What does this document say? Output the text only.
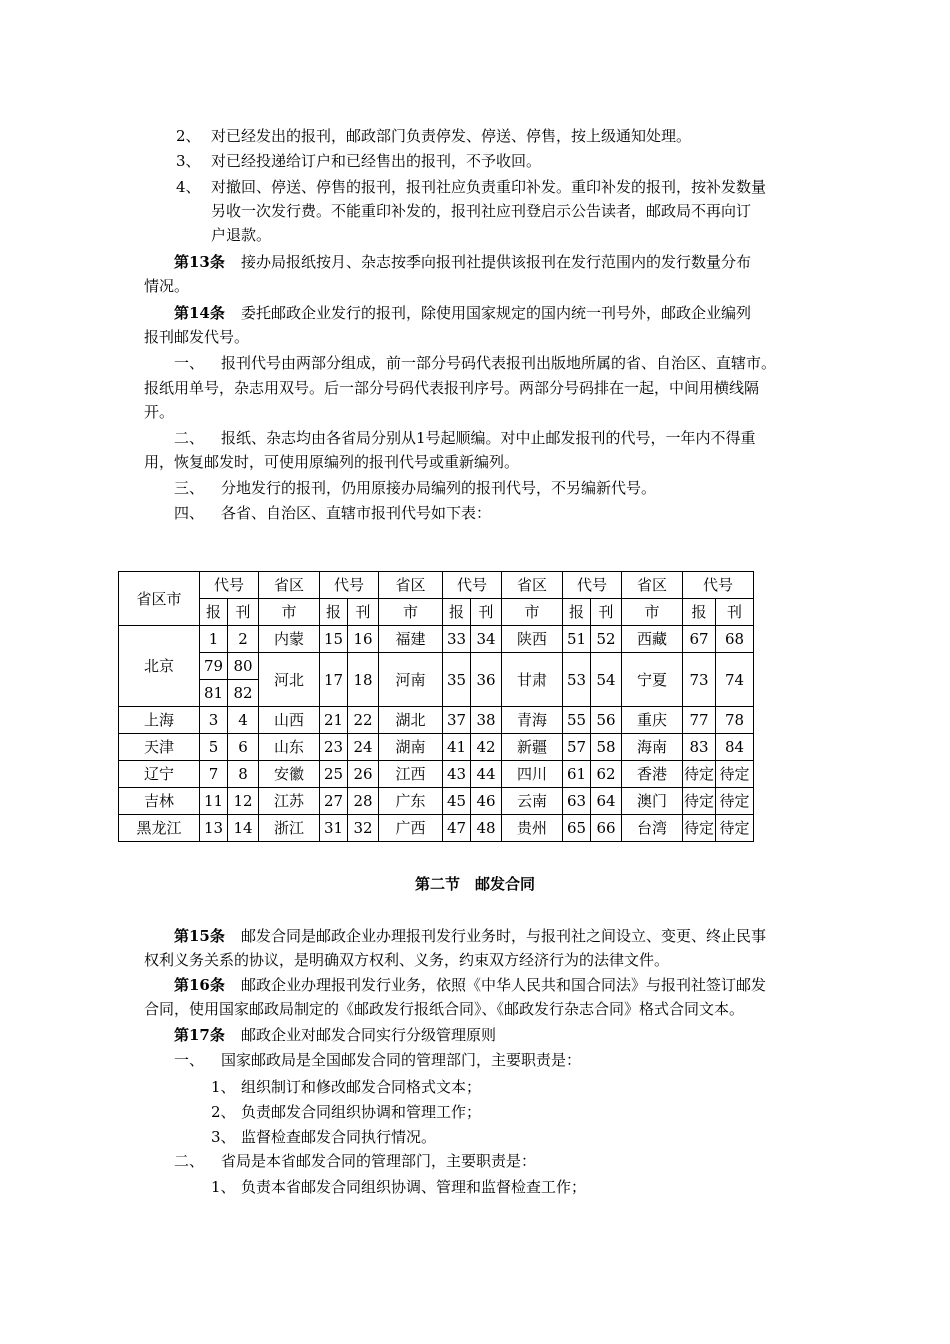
2、 对已经发出的报刊，邮政部门负责停发、停送、停售，按上级通知处理。
3、 对已经投递给订户和已经售出的报刊，不予收回。
4、 对撤回、停送、停售的报刊，报刊社应负责重印补发。重印补发的报刊，按补发数量
另收一次发行费。不能重印补发的，报刊社应刊登启示公告读者，邮政局不再向订
户退款。
第13条 接办局报纸按月、杂志按季向报刊社提供该报刊在发行范围内的发行数量分布
情况。
第14条 委托邮政企业发行的报刊，除使用国家规定的国内统一刊号外，邮政企业编列
报刊邮发代号。
一、 报刊代号由两部分组成，前一部分号码代表报刊出版地所属的省、自治区、直辖市。
报纸用单号，杂志用双号。后一部分号码代表报刊序号。两部分号码排在一起，中间用横线隔
开。
二、 报纸、杂志均由各省局分别从1号起顺编。对中止邮发报刊的代号，一年内不得重
用，恢复邮发时，可使用原编列的报刊代号或重新编列。
三、 分地发行的报刊，仍用原接办局编列的报刊代号，不另编新代号。
四、 各省、自治区、直辖市报刊代号如下表：
省区市	代号		省区	代号		省区	代号		省区	代号		省区	代号	
	报	刊	市	报	刊	市	报	刊	市	报	刊	市	报	刊
北京	1	2	内蒙	15	16	福建	33	34	陕西	51	52	西藏	67	68
	79	80	河北	17	18	河南	35	36	甘肃	53	54	宁夏	73	74
	81	82												
上海	3	4	山西	21	22	湖北	37	38	青海	55	56	重庆	77	78
天津	5	6	山东	23	24	湖南	41	42	新疆	57	58	海南	83	84
辽宁	7	8	安徽	25	26	江西	43	44	四川	61	62	香港	待定	待定
吉林	11	12	江苏	27	28	广东	45	46	云南	63	64	澳门	待定	待定
黑龙江	13	14	浙江	31	32	广西	47	48	贵州	65	66	台湾	待定	待定
第二节　邮发合同
第15条 邮发合同是邮政企业办理报刊发行业务时，与报刊社之间设立、变更、终止民事
权利义务关系的协议，是明确双方权利、义务，约束双方经济行为的法律文件。
第16条 邮政企业办理报刊发行业务，依照《中华人民共和国合同法》与报刊社签订邮发
合同，使用国家邮政局制定的《邮政发行报纸合同》、《邮政发行杂志合同》格式合同文本。
第17条 邮政企业对邮发合同实行分级管理原则
一、 国家邮政局是全国邮发合同的管理部门，主要职责是：
1、 组织制订和修改邮发合同格式文本；
2、 负责邮发合同组织协调和管理工作；
3、 监督检查邮发合同执行情况。
二、 省局是本省邮发合同的管理部门，主要职责是：
1、 负责本省邮发合同组织协调、管理和监督检查工作；
